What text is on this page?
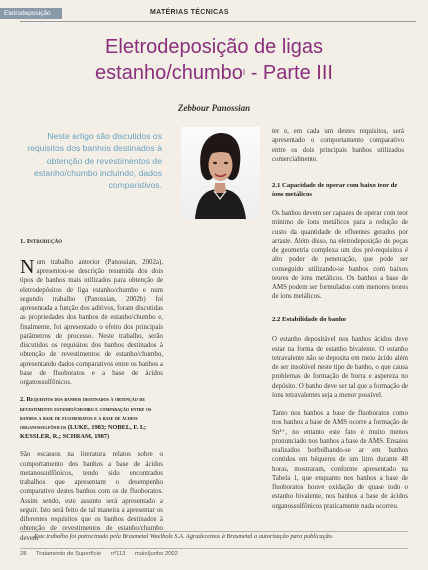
Eletrodeposição	MATÉRIAS TÉCNICAS
Eletrodeposição de ligas
estanho/chumbo$^I$ - Parte III
Zebbour Panossian
Neste artigo são discutidos os requisitos dos banhos destinados à obtenção de revestimentos de estanho/chumbo incluindo, dados comparativos.
1. Introdução
Num trabalho anterior (Panossian, 2002a), apresentou-se descrição resumida dos dois tipos de banhos mais utilizados para obtenção de eletrodepósitos de liga estanho/chumbo e num segundo trabalho (Panossian, 2002b) foi apresentada a função dos aditivos, foram discutidas as propriedades dos banhos de estanho/chumbo e, finalmente, foi apresentado o efeito dos principais parâmetros de processo. Neste trabalho, serão discutidos os requisitos dos banhos destinados à obtenção de revestimentos de estanho/chumbo, apresentando dados comparativos entre os banhos a base de fluoboratos e a base de ácidos organossulfônicos.
2. Requisitos dos banhos destinados à obtenção de revestimento estanho/chumbo e comparação entre os banhos a base de fluoboratos e a base de ácidos organossulfônicos (LUKE, 1983; NOBEL, F. I.; KESSLER, R.; SCHRAM, 1987)
São escassos na literatura relatos sobre o comportamento dos banhos a base de ácidos metanossulfônicos, tendo sido encontrados trabalhos que apresentam o desempenho comparativo destes banhos com os de fluoboratos. Assim sendo, este assunto será apresentado a seguir. Isto será feito de tal maneira a apresentar os diferentes requisitos que os banhos destinados à obtenção de revestimentos de estanho/chumbo devem
ter e, em cada um destes requisitos, será apresentado o comportamento comparativo entre os dois principais banhos utilizados comercialmente.
2.1 Capacidade de operar com baixo teor de íons metálicos
Os banhos devem ser capazes de operar com teor mínimo de íons metálicos para a redução de custo da quantidade de efluentes gerados por arraste. Além disso, na eletrodeposição de peças de geometria complexa um dos pré-requisitos é alto poder de penetração, que pode ser conseguido utilizando-se banhos com baixos teores de íons metálicos. Os banhos a base de AMS podem ser formulados com menores teores de íons metálicos.
2.2 Estabilidade do banho
O estanho depositável nos banhos ácidos deve estar na forma de estanho bivalente. O estanho tetravalente não se deposita em meio ácido além de ser insolúvel neste tipo de banho, o que causa problemas de formação de borra e aspereza no depósito. O banho deve ser tal que a formação de íons tetravalentes seja a menor possível.
Tanto nos banhos a base de fluoboratos como nos banhos a base de AMS ocorre a formação de Sn⁴⁺, no entanto este fato é muito menos pronunciado nos banhos a base de AMS. Ensaios realizados borbulhando-se ar em banhos contidos em béqueres de um litro durante 48 horas, mostraram, conforme apresentado na Tabela 1, que enquanto nos banhos a base de fluoboratos houve oxidação de quase todo o estanho bivalente, nos banhos a base de ácidos organossulfônicos praticamente nada ocorreu.
Este trabalho foi patrocinado pela Brasmetal Waelholz S.A. Agradecemos à Brasmetal a autorização para publicação.
28 Tratamento de Superfície nº113 maio/junho 2002
